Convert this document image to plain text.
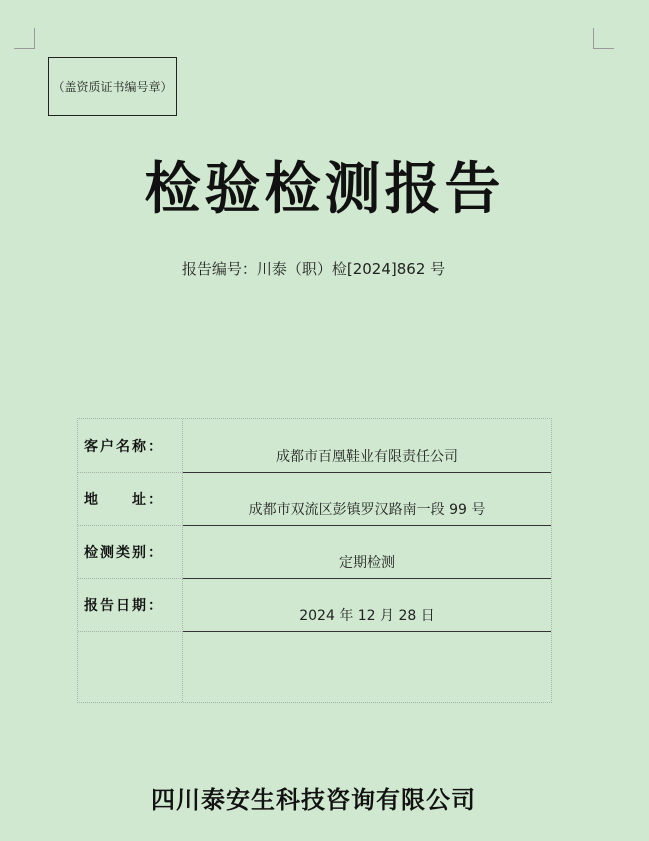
（盖资质证书编号章）
检验检测报告
报告编号：川泰（职）检[2024]862 号
客户名称：
成都市百凰鞋业有限责任公司
地　　址：
成都市双流区彭镇罗汉路南一段 99 号
检测类别：
定期检测
报告日期：
2024 年 12 月 28 日
四川泰安生科技咨询有限公司
